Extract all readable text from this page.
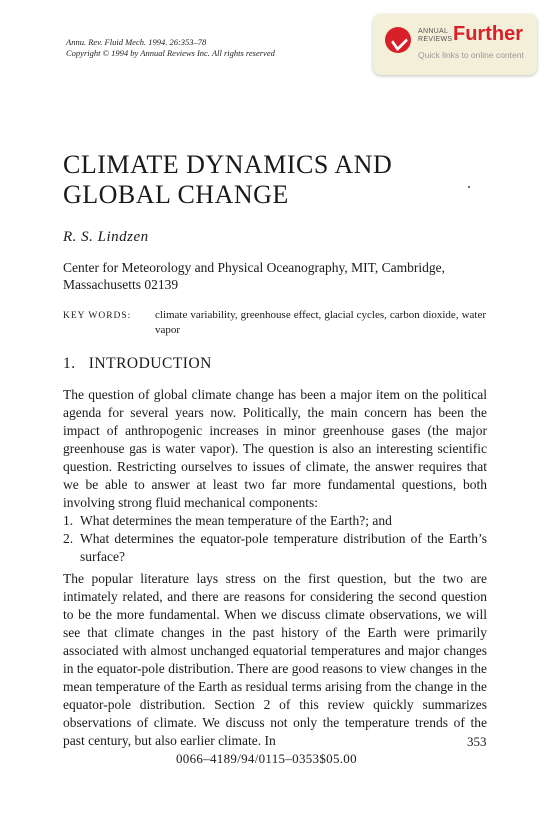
Annu. Rev. Fluid Mech. 1994. 26:353–78
Copyright © 1994 by Annual Reviews Inc. All rights reserved
ANNUAL
REVIEWS Further
Quick links to online content
CLIMATE DYNAMICS AND GLOBAL CHANGE
R. S. Lindzen
Center for Meteorology and Physical Oceanography, MIT, Cambridge, Massachusetts 02139
KEY WORDS: climate variability, greenhouse effect, glacial cycles, carbon dioxide, water vapor
1. INTRODUCTION
The question of global climate change has been a major item on the political agenda for several years now. Politically, the main concern has been the impact of anthropogenic increases in minor greenhouse gases (the major greenhouse gas is water vapor). The question is also an interesting scientific question. Restricting ourselves to issues of climate, the answer requires that we be able to answer at least two far more fundamental questions, both involving strong fluid mechanical components:
1. What determines the mean temperature of the Earth?; and
2. What determines the equator-pole temperature distribution of the Earth’s surface?
The popular literature lays stress on the first question, but the two are intimately related, and there are reasons for considering the second question to be the more fundamental. When we discuss climate observations, we will see that climate changes in the past history of the Earth were primarily associated with almost unchanged equatorial temperatures and major changes in the equator-pole distribution. There are good reasons to view changes in the mean temperature of the Earth as residual terms arising from the change in the equator-pole distribution. Section 2 of this review quickly summarizes observations of climate. We discuss not only the temperature trends of the past century, but also earlier climate. In	353
0066–4189/94/0115–0353$05.00
